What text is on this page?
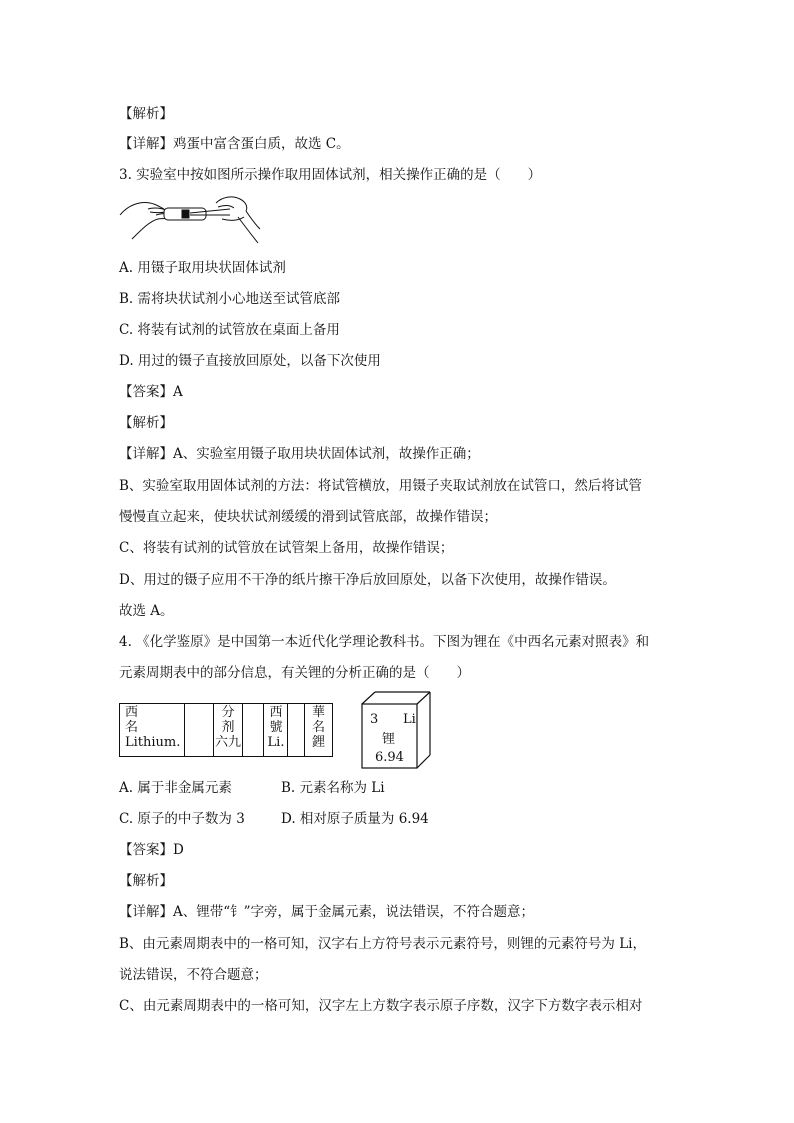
【解析】
【详解】鸡蛋中富含蛋白质，故选 C。
3. 实验室中按如图所示操作取用固体试剂，相关操作正确的是（　　）
A. 用镊子取用块状固体试剂
B. 需将块状试剂小心地送至试管底部
C. 将装有试剂的试管放在桌面上备用
D. 用过的镊子直接放回原处，以备下次使用
【答案】A
【解析】
【详解】A、实验室用镊子取用块状固体试剂，故操作正确；
B、实验室取用固体试剂的方法：将试管横放，用镊子夹取试剂放在试管口，然后将试管
慢慢直立起来，使块状试剂缓缓的滑到试管底部，故操作错误；
C、将装有试剂的试管放在试管架上备用，故操作错误；
D、用过的镊子应用不干净的纸片擦干净后放回原处，以备下次使用，故操作错误。
故选 A。
4. 《化学鉴原》是中国第一本近代化学理论教科书。下图为锂在《中西名元素对照表》和
元素周期表中的部分信息，有关锂的分析正确的是（　　）
西
名
Lithium.
分
剂
六九
西
號
Li.
華
名
鋰
3 Li
锂
6.94
A. 属于非金属元素	B. 元素名称为 Li
C. 原子的中子数为 3	D. 相对原子质量为 6.94
【答案】D
【解析】
【详解】A、锂带“钅”字旁，属于金属元素，说法错误，不符合题意；
B、由元素周期表中的一格可知，汉字右上方符号表示元素符号，则锂的元素符号为 Li，
说法错误，不符合题意；
C、由元素周期表中的一格可知，汉字左上方数字表示原子序数，汉字下方数字表示相对
